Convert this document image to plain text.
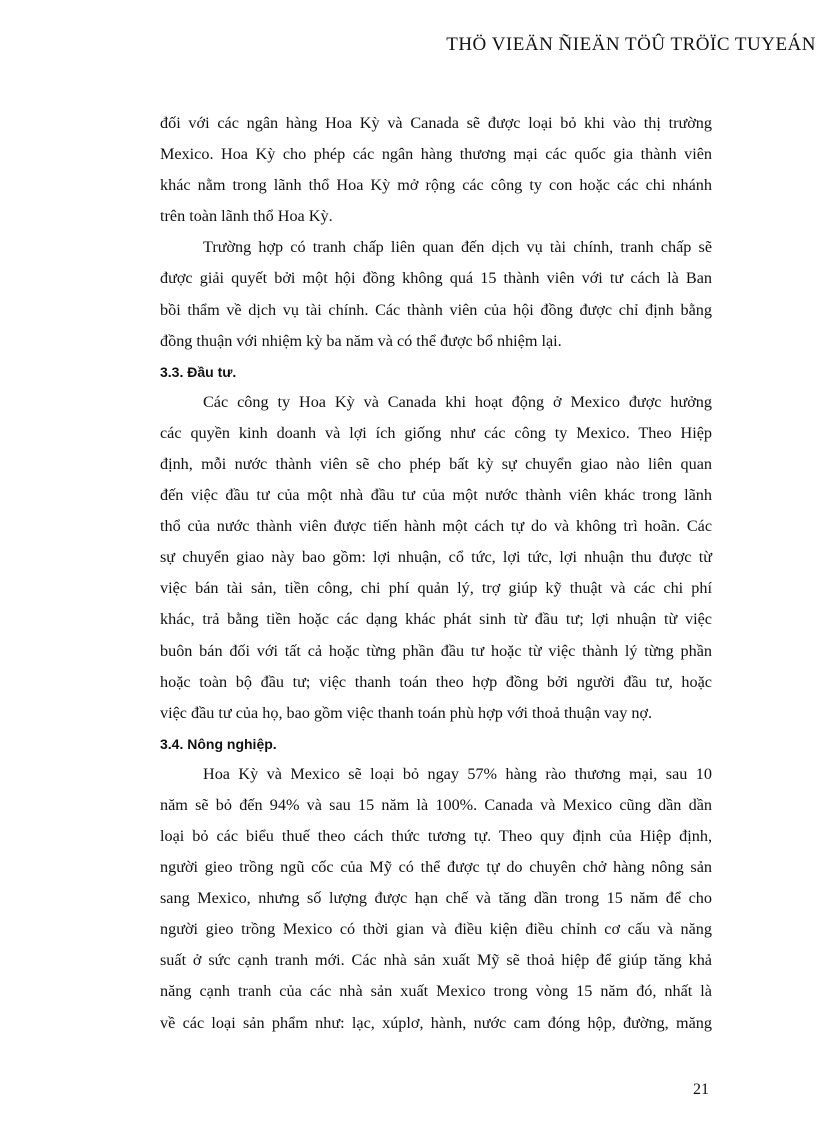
THÖ VIEÄN ÑIEÄN TÖÛ TRÖÏC TUYEÁN
đối với các ngân hàng Hoa Kỳ và Canada sẽ được loại bỏ khi vào thị trường
Mexico. Hoa Kỳ cho phép các ngân hàng thương mại các quốc gia thành viên
khác nằm trong lãnh thổ Hoa Kỳ mở rộng các công ty con hoặc các chi nhánh
trên toàn lãnh thổ Hoa Kỳ.
Trường hợp có tranh chấp liên quan đến dịch vụ tài chính, tranh chấp sẽ
được giải quyết bởi một hội đồng không quá 15 thành viên với tư cách là Ban
bồi thẩm về dịch vụ tài chính. Các thành viên của hội đồng được chỉ định bằng
đồng thuận với nhiệm kỳ ba năm và có thể được bổ nhiệm lại.
3.3. Đầu tư.
Các công ty Hoa Kỳ và Canada khi hoạt động ở Mexico được hưởng
các quyền kinh doanh và lợi ích giống như các công ty Mexico. Theo Hiệp
định, mỗi nước thành viên sẽ cho phép bất kỳ sự chuyển giao nào liên quan
đến việc đầu tư của một nhà đầu tư của một nước thành viên khác trong lãnh
thổ của nước thành viên được tiến hành một cách tự do và không trì hoãn. Các
sự chuyển giao này bao gồm: lợi nhuận, cổ tức, lợi tức, lợi nhuận thu được từ
việc bán tài sản, tiền công, chi phí quản lý, trợ giúp kỹ thuật và các chi phí
khác, trả bằng tiền hoặc các dạng khác phát sinh từ đầu tư; lợi nhuận từ việc
buôn bán đối với tất cả hoặc từng phần đầu tư hoặc từ việc thành lý từng phần
hoặc toàn bộ đầu tư; việc thanh toán theo hợp đồng bởi người đầu tư, hoặc
việc đầu tư của họ, bao gồm việc thanh toán phù hợp với thoả thuận vay nợ.
3.4. Nông nghiệp.
Hoa Kỳ và Mexico sẽ loại bỏ ngay 57% hàng rào thương mại, sau 10
năm sẽ bỏ đến 94% và sau 15 năm là 100%. Canada và Mexico cũng dần dần
loại bỏ các biểu thuế theo cách thức tương tự. Theo quy định của Hiệp định,
người gieo trồng ngũ cốc của Mỹ có thể được tự do chuyên chở hàng nông sản
sang Mexico, nhưng số lượng được hạn chế và tăng dần trong 15 năm để cho
người gieo trồng Mexico có thời gian và điều kiện điều chỉnh cơ cấu và năng
suất ở sức cạnh tranh mới. Các nhà sản xuất Mỹ sẽ thoả hiệp để giúp tăng khả
năng cạnh tranh của các nhà sản xuất Mexico trong vòng 15 năm đó, nhất là
về các loại sản phẩm như: lạc, xúplơ, hành, nước cam đóng hộp, đường, măng
21
